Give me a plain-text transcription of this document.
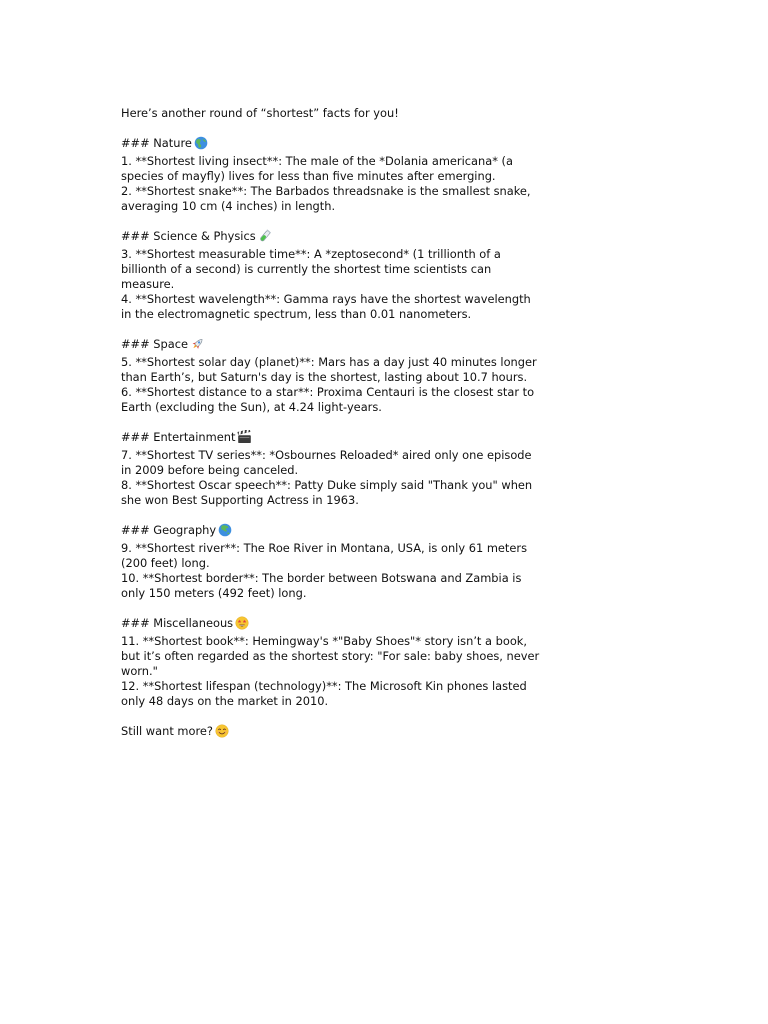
Here’s another round of “shortest” facts for you!

### Nature

1. **Shortest living insect**: The male of the *Dolania americana* (a species of mayfly) lives for less than five minutes after emerging.

2. **Shortest snake**: The Barbados threadsnake is the smallest snake, averaging 10 cm (4 inches) in length.

### Science & Physics

3. **Shortest measurable time**: A *zeptosecond* (1 trillionth of a billionth of a second) is currently the shortest time scientists can measure.

4. **Shortest wavelength**: Gamma rays have the shortest wavelength in the electromagnetic spectrum, less than 0.01 nanometers.

### Space

5. **Shortest solar day (planet)**: Mars has a day just 40 minutes longer than Earth’s, but Saturn's day is the shortest, lasting about 10.7 hours.

6. **Shortest distance to a star**: Proxima Centauri is the closest star to Earth (excluding the Sun), at 4.24 light-years.

### Entertainment

7. **Shortest TV series**: *Osbournes Reloaded* aired only one episode in 2009 before being canceled.

8. **Shortest Oscar speech**: Patty Duke simply said "Thank you" when she won Best Supporting Actress in 1963.

### Geography

9. **Shortest river**: The Roe River in Montana, USA, is only 61 meters (200 feet) long.

10. **Shortest border**: The border between Botswana and Zambia is only 150 meters (492 feet) long.

### Miscellaneous

11. **Shortest book**: Hemingway's *"Baby Shoes"* story isn’t a book, but it’s often regarded as the shortest story: "For sale: baby shoes, never worn."

12. **Shortest lifespan (technology)**: The Microsoft Kin phones lasted only 48 days on the market in 2010.

Still want more?
